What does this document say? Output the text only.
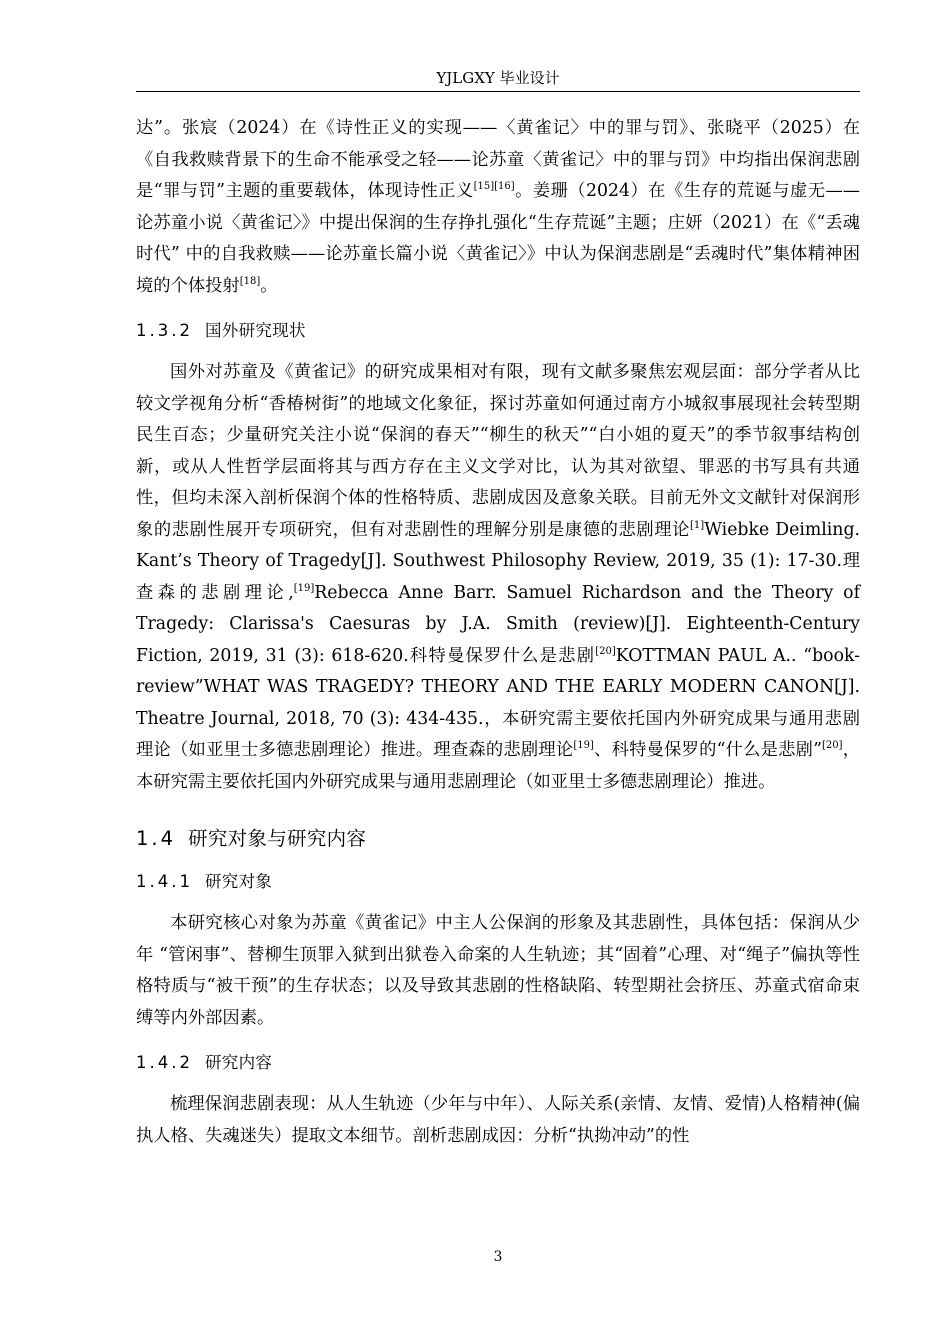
YJLGXY 毕业设计

达”。张宸（2024）在《诗性正义的实现——〈黄雀记〉中的罪与罚》、张晓平（2025）在《自我救赎背景下的生命不能承受之轻——论苏童〈黄雀记〉中的罪与罚》中均指出保润悲剧是“罪与罚”主题的重要载体，体现诗性正义[15][16]。姜珊（2024）在《生存的荒诞与虚无——论苏童小说〈黄雀记〉》中提出保润的生存挣扎强化“生存荒诞”主题；庄妍（2021）在《“丢魂时代” 中的自我救赎——论苏童长篇小说〈黄雀记〉》中认为保润悲剧是“丢魂时代”集体精神困境的个体投射[18]。

1.3.2 国外研究现状

国外对苏童及《黄雀记》的研究成果相对有限，现有文献多聚焦宏观层面：部分学者从比较文学视角分析“香椿树街”的地域文化象征，探讨苏童如何通过南方小城叙事展现社会转型期民生百态；少量研究关注小说“保润的春天”“柳生的秋天”“白小姐的夏天”的季节叙事结构创新，或从人性哲学层面将其与西方存在主义文学对比，认为其对欲望、罪恶的书写具有共通性，但均未深入剖析保润个体的性格特质、悲剧成因及意象关联。目前无外文文献针对保润形象的悲剧性展开专项研究，但有对悲剧性的理解分别是康德的悲剧理论[1]Wiebke Deimling. Kant’s Theory of Tragedy[J]. Southwest Philosophy Review, 2019, 35 (1): 17-30.理查森的悲剧理论,[19]Rebecca Anne Barr. Samuel Richardson and the Theory of Tragedy: Clarissa's Caesuras by J.A. Smith (review)[J]. Eighteenth-Century Fiction, 2019, 31 (3): 618-620.科特曼保罗什么是悲剧[20]KOTTMAN PAUL A.. “book-review”WHAT WAS TRAGEDY? THEORY AND THE EARLY MODERN CANON[J]. Theatre Journal, 2018, 70 (3): 434-435.，本研究需主要依托国内外研究成果与通用悲剧理论（如亚里士多德悲剧理论）推进。理查森的悲剧理论[19]、科特曼保罗的“什么是悲剧”[20]，本研究需主要依托国内外研究成果与通用悲剧理论（如亚里士多德悲剧理论）推进。

1.4 研究对象与研究内容
1.4.1 研究对象

本研究核心对象为苏童《黄雀记》中主人公保润的形象及其悲剧性，具体包括：保润从少年 “管闲事”、替柳生顶罪入狱到出狱卷入命案的人生轨迹；其“固着”心理、对“绳子”偏执等性格特质与“被干预”的生存状态；以及导致其悲剧的性格缺陷、转型期社会挤压、苏童式宿命束缚等内外部因素。

1.4.2 研究内容

梳理保润悲剧表现：从人生轨迹（少年与中年）、人际关系(亲情、友情、爱情)人格精神(偏执人格、失魂迷失）提取文本细节。剖析悲剧成因：分析“执拗冲动”的性

3
